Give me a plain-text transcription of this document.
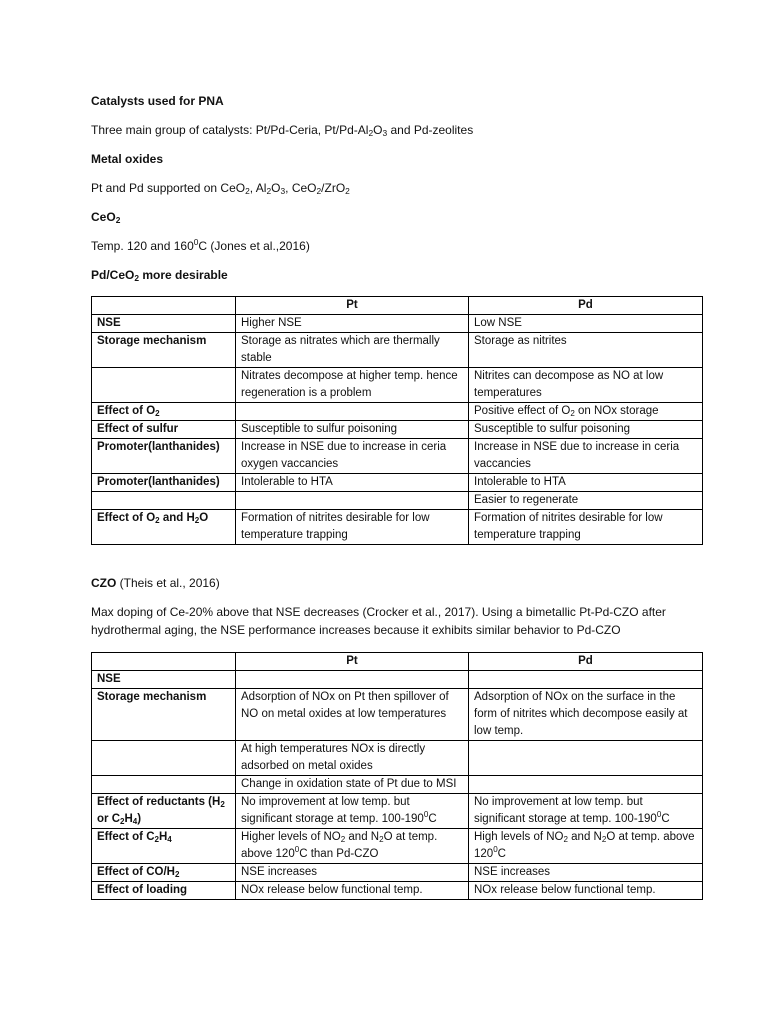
Catalysts used for PNA
Three main group of catalysts: Pt/Pd-Ceria, $Pt/Pd-Al_2O_3$ and Pd-zeolites
Metal oxides
Pt and Pd supported on CeO$_2$, $Al_2O_3$, CeO$_2$/ZrO$_2$
CeO$_2$
Temp. 120 and $160^0C$ (Jones et al.,2016)
Pd/CeO$_2$ more desirable
	Pt	Pd
NSE	Higher NSE	Low NSE
Storage mechanism	Storage as nitrates which are thermally stable	Storage as nitrites
	Nitrates decompose at higher temp. hence regeneration is a problem	Nitrites can decompose as NO at low temperatures
Effect of $O_2$		Positive effect of $O_2$ on NOx storage
Effect of sulfur	Susceptible to sulfur poisoning	Susceptible to sulfur poisoning
Promoter(lanthanides)	Increase in NSE due to increase in ceria oxygen vaccancies	Increase in NSE due to increase in ceria vaccancies
Promoter(lanthanides)	Intolerable to HTA	Intolerable to HTA
		Easier to regenerate
Effect of $O_2$ and $H_2O$	Formation of nitrites desirable for low temperature trapping	Formation of nitrites desirable for low temperature trapping
CZO (Theis et al., 2016)
Max doping of Ce-20% above that NSE decreases (Crocker et al., 2017). Using a bimetallic Pt-Pd-CZO after hydrothermal aging, the NSE performance increases because it exhibits similar behavior to Pd-CZO
	Pt	Pd
NSE		
Storage mechanism	Adsorption of NOx on Pt then spillover of NO on metal oxides at low temperatures	Adsorption of NOx on the surface in the form of nitrites which decompose easily at low temp.
	At high temperatures NOx is directly adsorbed on metal oxides	
	Change in oxidation state of Pt due to MSI	
Effect of reductants ($H_2$ or $C_2H_4$)	No improvement at low temp. but significant storage at temp. $100-190^0C$	No improvement at low temp. but significant storage at temp. $100-190^0C$
Effect of $C_2H_4$	Higher levels of $NO_2$ and $N_2O$ at temp. above $120^0C$ than Pd-CZO	High levels of $NO_2$ and $N_2O$ at temp. above $120^0C$
Effect of $CO/H_2$	NSE increases	NSE increases
Effect of loading	NOx release below functional temp.	NOx release below functional temp.
